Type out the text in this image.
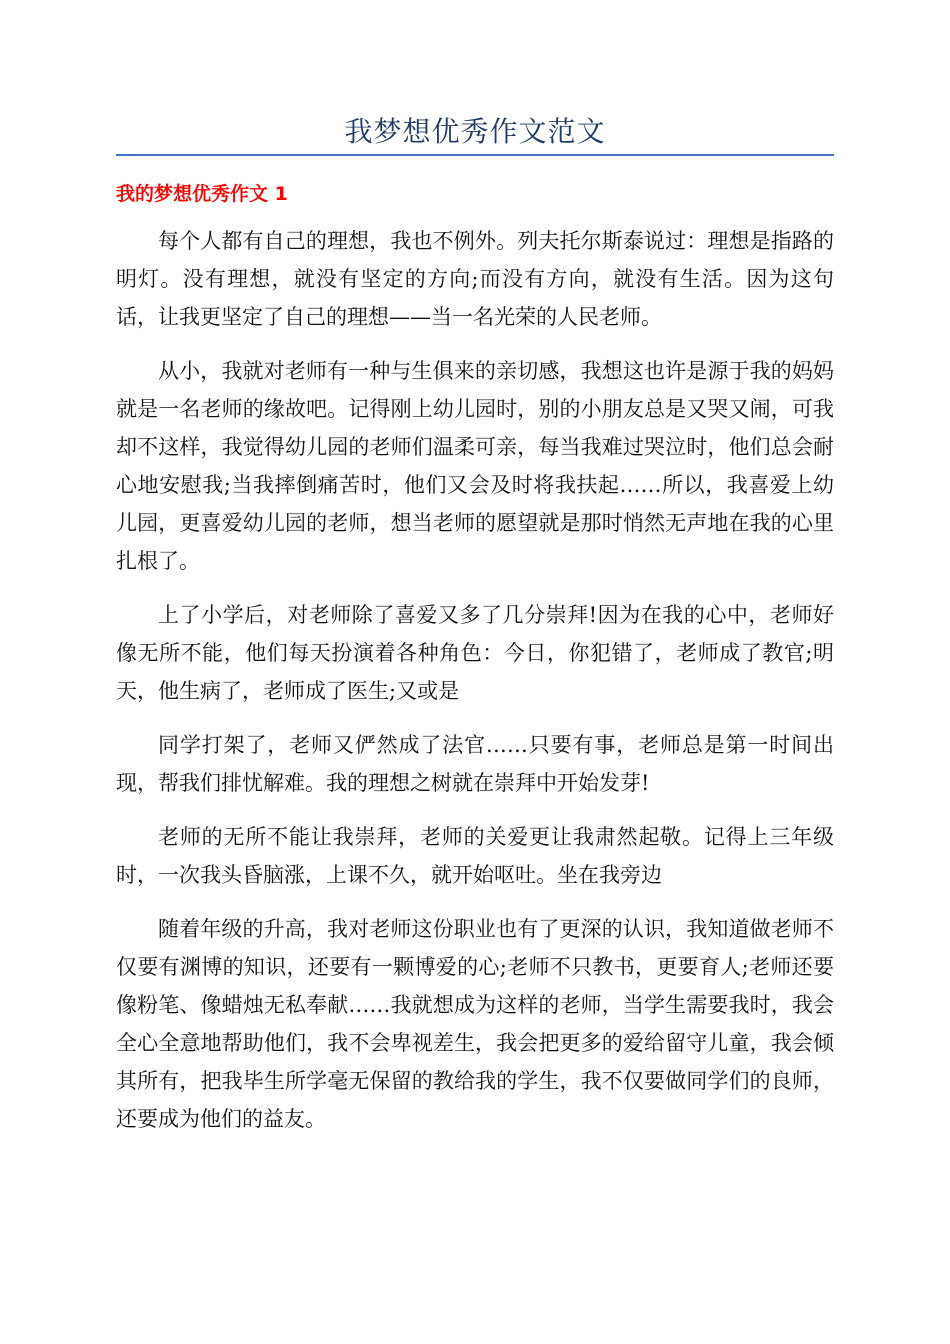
我梦想优秀作文范文
我的梦想优秀作文 1

每个人都有自己的理想，我也不例外。列夫托尔斯泰说过：理想是指路的明灯。没有理想，就没有坚定的方向;而没有方向，就没有生活。因为这句话，让我更坚定了自己的理想——当一名光荣的人民老师。

从小，我就对老师有一种与生俱来的亲切感，我想这也许是源于我的妈妈就是一名老师的缘故吧。记得刚上幼儿园时，别的小朋友总是又哭又闹，可我却不这样，我觉得幼儿园的老师们温柔可亲，每当我难过哭泣时，他们总会耐心地安慰我;当我摔倒痛苦时，他们又会及时将我扶起……所以，我喜爱上幼儿园，更喜爱幼儿园的老师，想当老师的愿望就是那时悄然无声地在我的心里扎根了。

上了小学后，对老师除了喜爱又多了几分崇拜!因为在我的心中，老师好像无所不能，他们每天扮演着各种角色：今日，你犯错了，老师成了教官;明天，他生病了，老师成了医生;又或是

同学打架了，老师又俨然成了法官……只要有事，老师总是第一时间出现，帮我们排忧解难。我的理想之树就在崇拜中开始发芽!

老师的无所不能让我崇拜，老师的关爱更让我肃然起敬。记得上三年级时，一次我头昏脑涨，上课不久，就开始呕吐。坐在我旁边

随着年级的升高，我对老师这份职业也有了更深的认识，我知道做老师不仅要有渊博的知识，还要有一颗博爱的心;老师不只教书，更要育人;老师还要像粉笔、像蜡烛无私奉献……我就想成为这样的老师，当学生需要我时，我会全心全意地帮助他们，我不会卑视差生，我会把更多的爱给留守儿童，我会倾其所有，把我毕生所学毫无保留的教给我的学生，我不仅要做同学们的良师，还要成为他们的益友。
